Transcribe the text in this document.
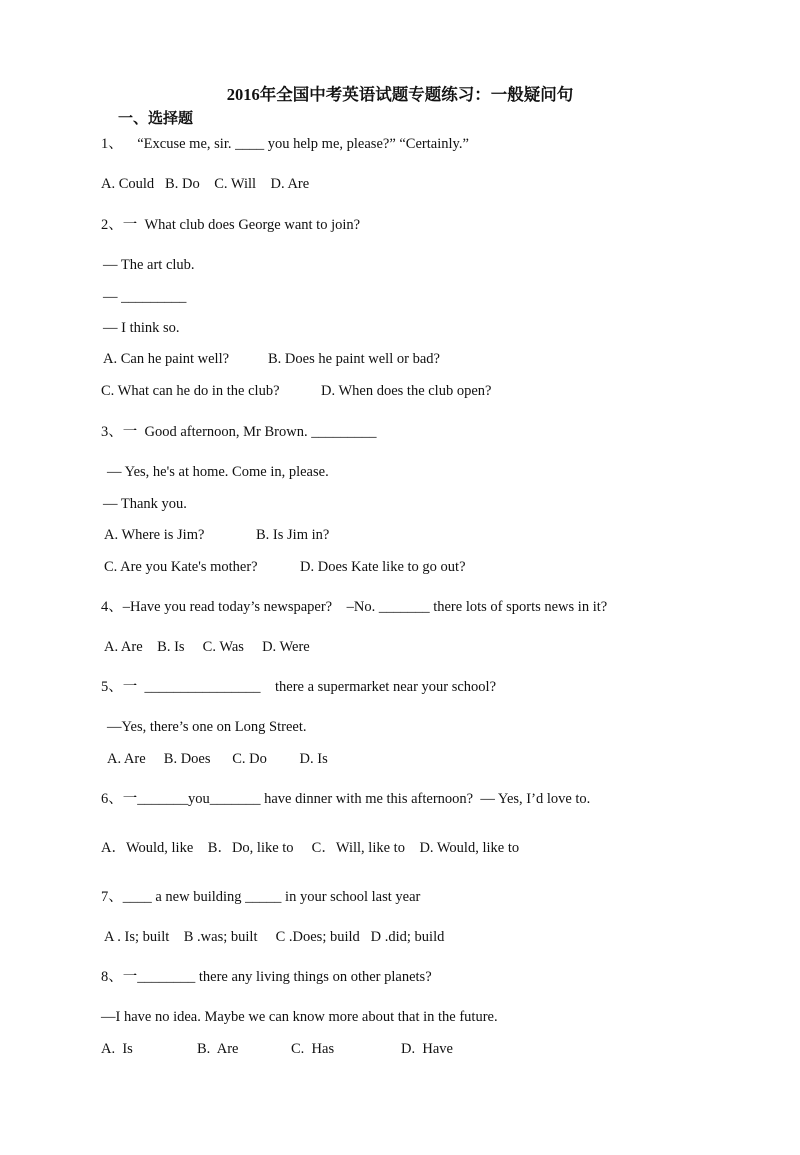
2016年全国中考英语试题专题练习：一般疑问句
一、选择题
1、    “Excuse me, sir. ____ you help me, please?” “Certainly.”
A. Could   B. Do    C. Will    D. Are
2、一  What club does George want to join?
— The art club.
— _________
— I think so.
A. Can he paint well?	B. Does he paint well or bad?
C. What can he do in the club?	D. When does the club open?
3、一  Good afternoon, Mr Brown. _________
— Yes, he's at home. Come in, please.
— Thank you.
A. Where is Jim?	B. Is Jim in?
C. Are you Kate's mother?	D. Does Kate like to go out?
4、–Have you read today’s newspaper?    –No. _______ there lots of sports news in it?
A. Are    B. Is     C. Was     D. Were
5、一  ________________    there a supermarket near your school?
—Yes, there’s one on Long Street.
A. Are     B. Does      C. Do         D. Is
6、一_______you_______ have dinner with me this afternoon?  — Yes, I’d love to.
A．Would, like    B．Do, like to     C．Will, like to    D. Would, like to
7、____ a new building _____ in your school last year
A . Is; built    B .was; built     C .Does; build   D .did; build
8、一________ there any living things on other planets?
—I have no idea. Maybe we can know more about that in the future.
A.  Is	B.  Are	C.  Has	D.  Have
